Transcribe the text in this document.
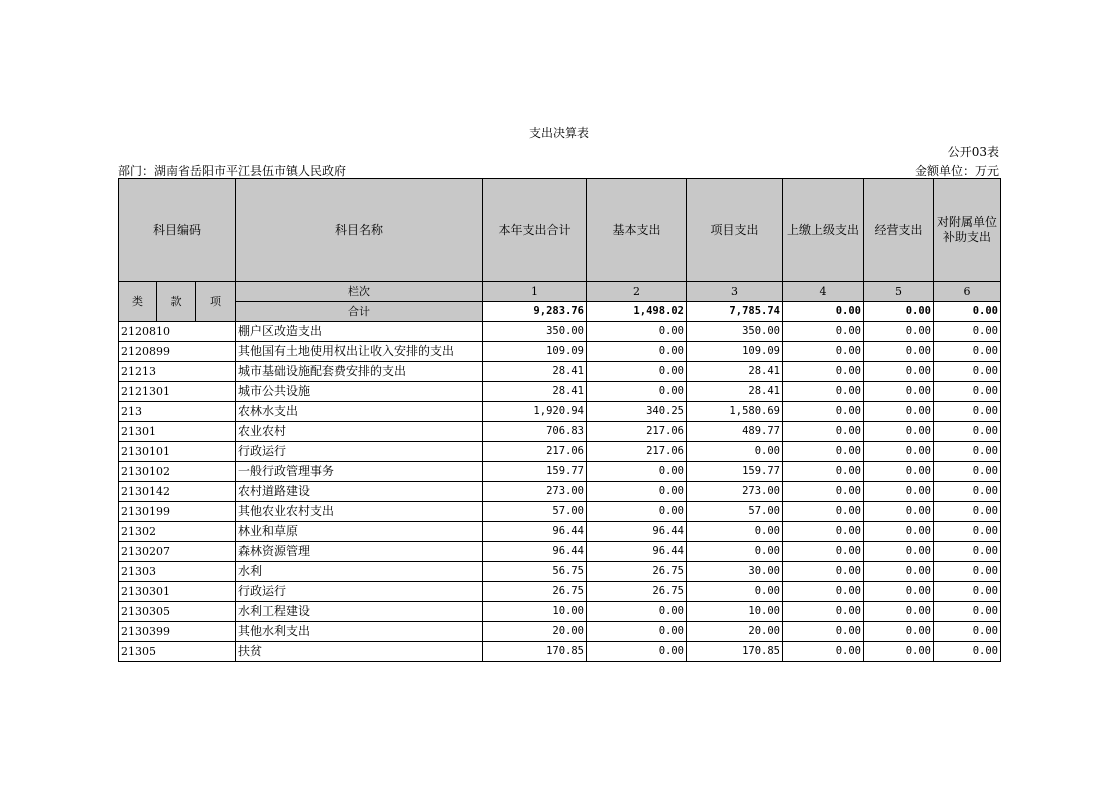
支出决算表
公开03表
部门：湖南省岳阳市平江县伍市镇人民政府	金额单位：万元
科目编码			科目名称	本年支出合计	基本支出	项目支出	上缴上级支出	经营支出	对附属单位补助支出
类	款	项	栏次	1	2	3	4	5	6
			合计	9,283.76	1,498.02	7,785.74	0.00	0.00	0.00
2120810			棚户区改造支出	350.00	0.00	350.00	0.00	0.00	0.00
2120899			其他国有土地使用权出让收入安排的支出	109.09	0.00	109.09	0.00	0.00	0.00
21213			城市基础设施配套费安排的支出	28.41	0.00	28.41	0.00	0.00	0.00
2121301			城市公共设施	28.41	0.00	28.41	0.00	0.00	0.00
213			农林水支出	1,920.94	340.25	1,580.69	0.00	0.00	0.00
21301			农业农村	706.83	217.06	489.77	0.00	0.00	0.00
2130101			行政运行	217.06	217.06	0.00	0.00	0.00	0.00
2130102			一般行政管理事务	159.77	0.00	159.77	0.00	0.00	0.00
2130142			农村道路建设	273.00	0.00	273.00	0.00	0.00	0.00
2130199			其他农业农村支出	57.00	0.00	57.00	0.00	0.00	0.00
21302			林业和草原	96.44	96.44	0.00	0.00	0.00	0.00
2130207			森林资源管理	96.44	96.44	0.00	0.00	0.00	0.00
21303			水利	56.75	26.75	30.00	0.00	0.00	0.00
2130301			行政运行	26.75	26.75	0.00	0.00	0.00	0.00
2130305			水利工程建设	10.00	0.00	10.00	0.00	0.00	0.00
2130399			其他水利支出	20.00	0.00	20.00	0.00	0.00	0.00
21305			扶贫	170.85	0.00	170.85	0.00	0.00	0.00
